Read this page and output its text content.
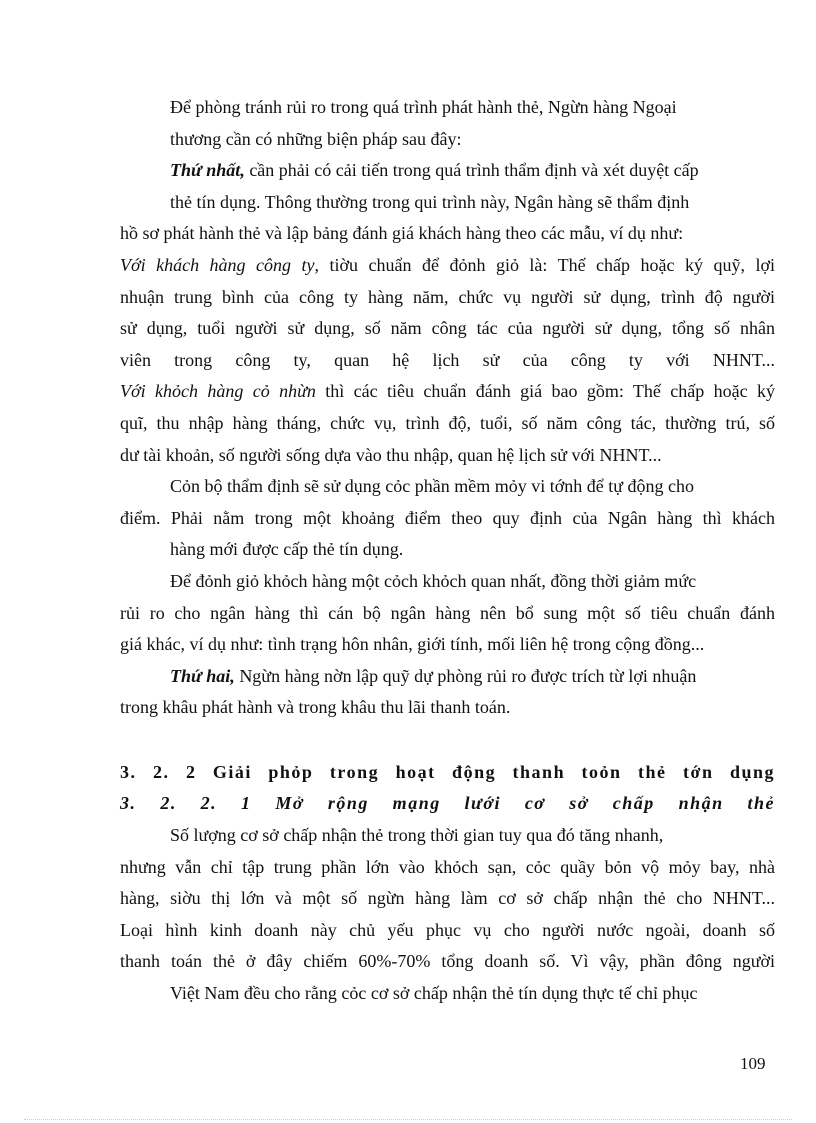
Để phòng tránh rủi ro trong quá trình phát hành thẻ, Ngừn hàng Ngoại
thương cần có những biện pháp sau đây:

Thứ nhất, cần phải có cải tiến trong quá trình thẩm định và xét duyệt cấp
thẻ tín dụng. Thông thường trong qui trình này, Ngân hàng sẽ thẩm định
hồ sơ phát hành thẻ và lập bảng đánh giá khách hàng theo các mẫu, ví dụ như:
Với khách hàng công ty, tiờu chuẩn để đỏnh giỏ là: Thế chấp hoặc ký quỹ, lợi
nhuận trung bình của công ty hàng năm, chức vụ người sử dụng, trình độ người
sử dụng, tuổi người sử dụng, số năm công tác của người sử dụng, tổng số nhân
viên trong công ty, quan hệ lịch sử của công ty với NHNT...
Với khỏch hàng cỏ nhừn thì các tiêu chuẩn đánh giá bao gồm: Thế chấp hoặc ký
quĩ, thu nhập hàng tháng, chức vụ, trình độ, tuổi, số năm công tác, thường trú, số
dư tài khoản, số người sống dựa vào thu nhập, quan hệ lịch sử với NHNT...

Cỏn bộ thẩm định sẽ sử dụng cỏc phần mềm mỏy vi tớnh để tự động cho
điểm. Phải nằm trong một khoảng điểm theo quy định của Ngân hàng thì khách
hàng mới được cấp thẻ tín dụng.

Để đỏnh giỏ khỏch hàng một cỏch khỏch quan nhất, đồng thời giảm mức
rủi ro cho ngân hàng thì cán bộ ngân hàng nên bổ sung một số tiêu chuẩn đánh
giá khác, ví dụ như: tình trạng hôn nhân, giới tính, mối liên hệ trong cộng đồng...

Thứ hai, Ngừn hàng nờn lập quỹ dự phòng rủi ro được trích từ lợi nhuận
trong khâu phát hành và trong khâu thu lãi thanh toán.

3. 2. 2 Giải phỏp trong hoạt động thanh toỏn thẻ tớn dụng
3. 2. 2. 1 Mở rộng mạng lưới cơ sở chấp nhận thẻ

Số lượng cơ sở chấp nhận thẻ trong thời gian tuy qua đó tăng nhanh,
nhưng vẫn chỉ tập trung phần lớn vào khỏch sạn, cỏc quầy bỏn vộ mỏy bay, nhà
hàng, siờu thị lớn và một số ngừn hàng làm cơ sở chấp nhận thẻ cho NHNT...
Loại hình kinh doanh này chủ yếu phục vụ cho người nước ngoài, doanh số
thanh toán thẻ ở đây chiếm 60%-70% tổng doanh số. Vì vậy, phần đông người
Việt Nam đều cho rằng cỏc cơ sở chấp nhận thẻ tín dụng thực tế chỉ phục

109
